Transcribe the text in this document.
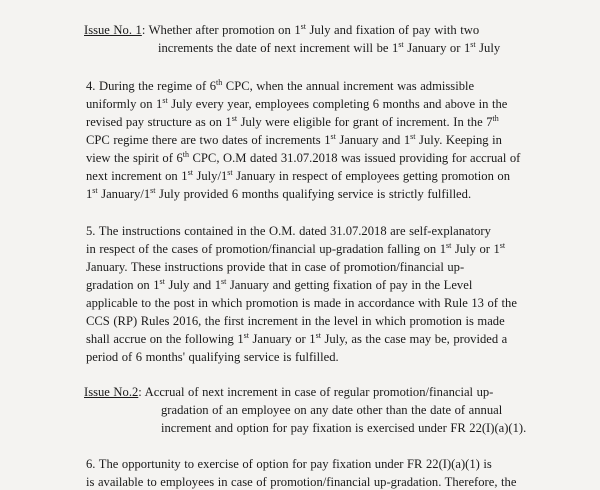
Issue No. 1: Whether after promotion on 1st July and fixation of pay with two
increments the date of next increment will be 1st January or 1st July
4. During the regime of 6th CPC, when the annual increment was admissible
uniformly on 1st July every year, employees completing 6 months and above in the
revised pay structure as on 1st July were eligible for grant of increment. In the 7th
CPC regime there are two dates of increments 1st January and 1st July. Keeping in
view the spirit of 6th CPC, O.M dated 31.07.2018 was issued providing for accrual of
next increment on 1st July/1st January in respect of employees getting promotion on
1st January/1st July provided 6 months qualifying service is strictly fulfilled.
5. The instructions contained in the O.M. dated 31.07.2018 are self-explanatory
in respect of the cases of promotion/financial up-gradation falling on 1st July or 1st
January. These instructions provide that in case of promotion/financial up-
gradation on 1st July and 1st January and getting fixation of pay in the Level
applicable to the post in which promotion is made in accordance with Rule 13 of the
CCS (RP) Rules 2016, the first increment in the level in which promotion is made
shall accrue on the following 1st January or 1st July, as the case may be, provided a
period of 6 months' qualifying service is fulfilled.
Issue No.2: Accrual of next increment in case of regular promotion/financial up-
gradation of an employee on any date other than the date of annual
increment and option for pay fixation is exercised under FR 22(I)(a)(1).
6. The opportunity to exercise of option for pay fixation under FR 22(I)(a)(1) is
is available to employees in case of promotion/financial up-gradation. Therefore, the
